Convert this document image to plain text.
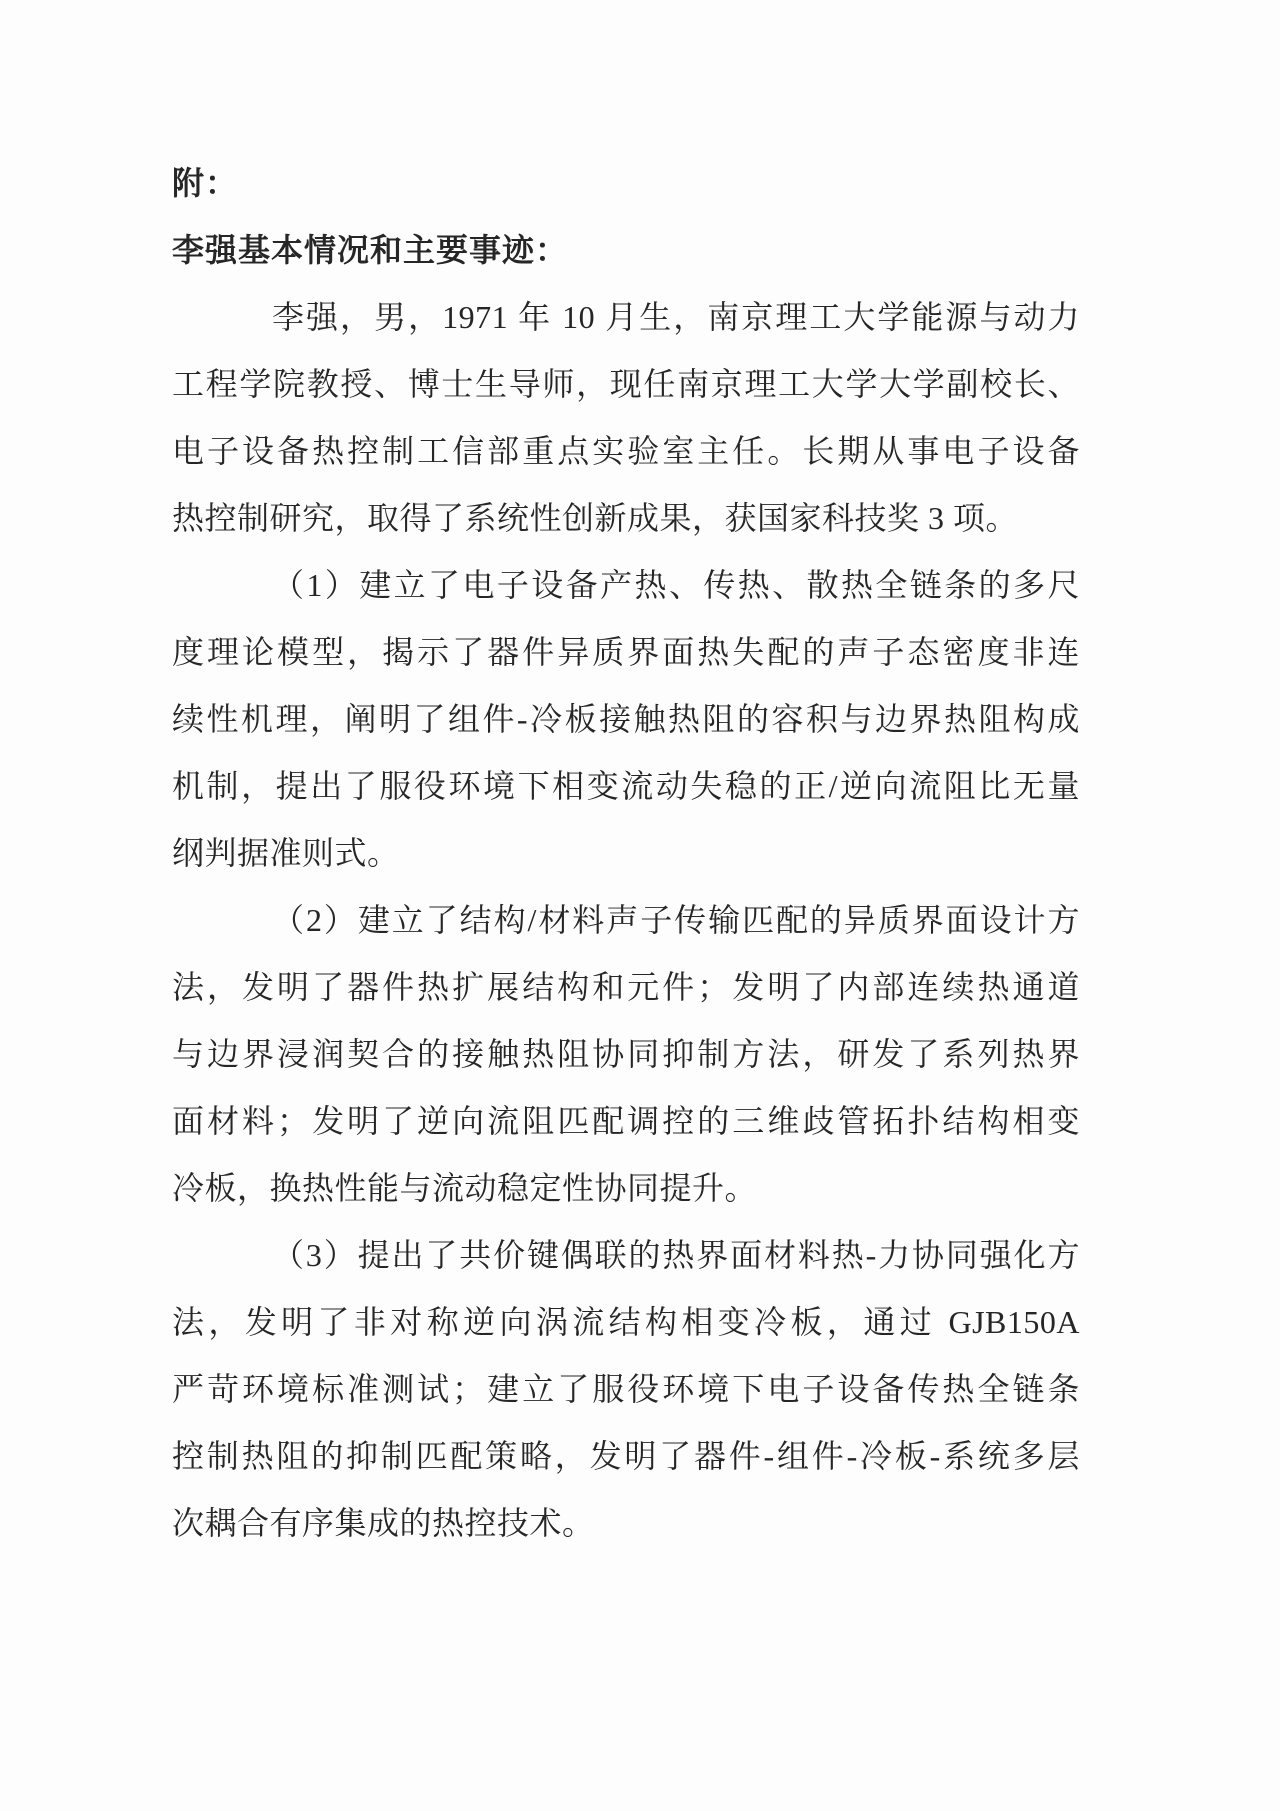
附：
李强基本情况和主要事迹：
李强，男，1971 年 10 月生，南京理工大学能源与动力
工程学院教授、博士生导师，现任南京理工大学大学副校长、
电子设备热控制工信部重点实验室主任。长期从事电子设备
热控制研究，取得了系统性创新成果，获国家科技奖 3 项。
（1）建立了电子设备产热、传热、散热全链条的多尺
度理论模型，揭示了器件异质界面热失配的声子态密度非连
续性机理，阐明了组件-冷板接触热阻的容积与边界热阻构成
机制，提出了服役环境下相变流动失稳的正/逆向流阻比无量
纲判据准则式。
（2）建立了结构/材料声子传输匹配的异质界面设计方
法，发明了器件热扩展结构和元件；发明了内部连续热通道
与边界浸润契合的接触热阻协同抑制方法，研发了系列热界
面材料；发明了逆向流阻匹配调控的三维歧管拓扑结构相变
冷板，换热性能与流动稳定性协同提升。
（3）提出了共价键偶联的热界面材料热-力协同强化方
法，发明了非对称逆向涡流结构相变冷板，通过 GJB150A
严苛环境标准测试；建立了服役环境下电子设备传热全链条
控制热阻的抑制匹配策略，发明了器件-组件-冷板-系统多层
次耦合有序集成的热控技术。
